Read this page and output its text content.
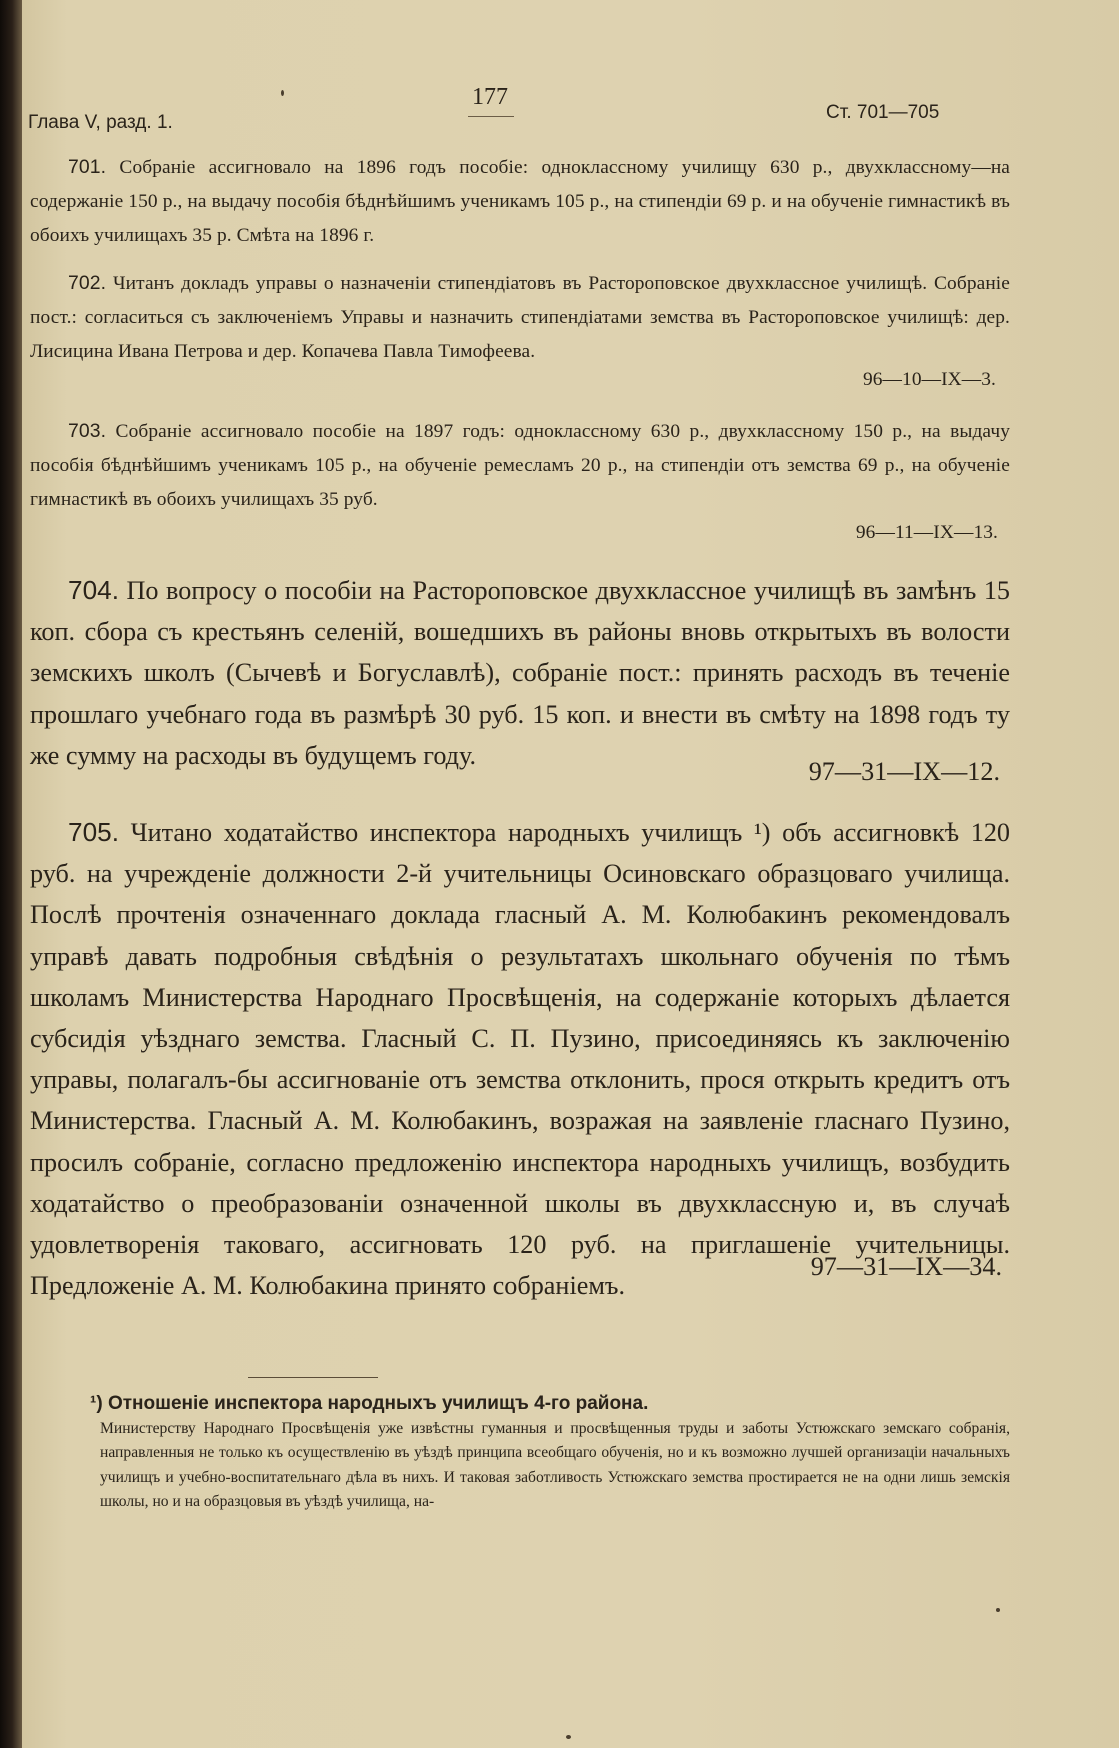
Глава V, разд. 1.
177
Ст. 701—705

701. Собраніе ассигновало на 1896 годъ пособіе: одноклассному училищу 630 р., двухклассному—на содержаніе 150 р., на выдачу пособія бѣднѣйшимъ ученикамъ 105 р., на стипендіи 69 р. и на обученіе гимнастикѣ въ обоихъ училищахъ 35 р. Смѣта на 1896 г.

702. Читанъ докладъ управы о назначеніи стипендіатовъ въ Растороповское двухклассное училищѣ. Собраніе пост.: согласиться съ заключеніемъ Управы и назначить стипендіатами земства въ Растороповское училищѣ: дер. Лисицина Ивана Петрова и дер. Копачева Павла Тимофеева.

96—10—IX—3.

703. Собраніе ассигновало пособіе на 1897 годъ: одноклассному 630 р., двухклассному 150 р., на выдачу пособія бѣднѣйшимъ ученикамъ 105 р., на обученіе ремесламъ 20 р., на стипендіи отъ земства 69 р., на обученіе гимнастикѣ въ обоихъ училищахъ 35 руб.

96—11—IX—13.

704. По вопросу о пособіи на Растороповское двухклассное училищѣ въ замѣнъ 15 коп. сбора съ крестьянъ селеній, вошедшихъ въ районы вновь открытыхъ въ волости земскихъ школъ (Сычевѣ и Богуславлѣ), собраніе пост.: принять расходъ въ теченіе прошлаго учебнаго года въ размѣрѣ 30 руб. 15 коп. и внести въ смѣту на 1898 годъ ту же сумму на расходы въ будущемъ году.

97—31—IX—12.

705. Читано ходатайство инспектора народныхъ училищъ ¹) объ ассигновкѣ 120 руб. на учрежденіе должности 2-й учительницы Осиновскаго образцоваго училища. Послѣ прочтенія означеннаго доклада гласный А. М. Колюбакинъ рекомендовалъ управѣ давать подробныя свѣдѣнія о результатахъ школьнаго обученія по тѣмъ школамъ Министерства Народнаго Просвѣщенія, на содержаніе которыхъ дѣлается субсидія уѣзднаго земства. Гласный С. П. Пузино, присоединяясь къ заключенію управы, полагалъ-бы ассигнованіе отъ земства отклонить, прося открыть кредитъ отъ Министерства. Гласный А. М. Колюбакинъ, возражая на заявленіе гласнаго Пузино, просилъ собраніе, согласно предложенію инспектора народныхъ училищъ, возбудить ходатайство о преобразованіи означенной школы въ двухклассную и, въ случаѣ удовлетворенія таковаго, ассигновать 120 руб. на приглашеніе учительницы. Предложеніе А. М. Колюбакина принято собраніемъ.

97—31—IX—34.
¹) Отношеніе инспектора народныхъ училищъ 4-го района.
Министерству Народнаго Просвѣщенія уже извѣстны гуманныя и просвѣщенныя труды и заботы Устюжскаго земскаго собранія, направленныя не только къ осуществленію въ уѣздѣ принципа всеобщаго обученія, но и къ возможно лучшей организаціи начальныхъ училищъ и учебно-воспитательнаго дѣла въ нихъ. И таковая заботливость Устюжскаго земства простирается не на одни лишь земскія школы, но и на образцовыя въ уѣздѣ училища, на-
